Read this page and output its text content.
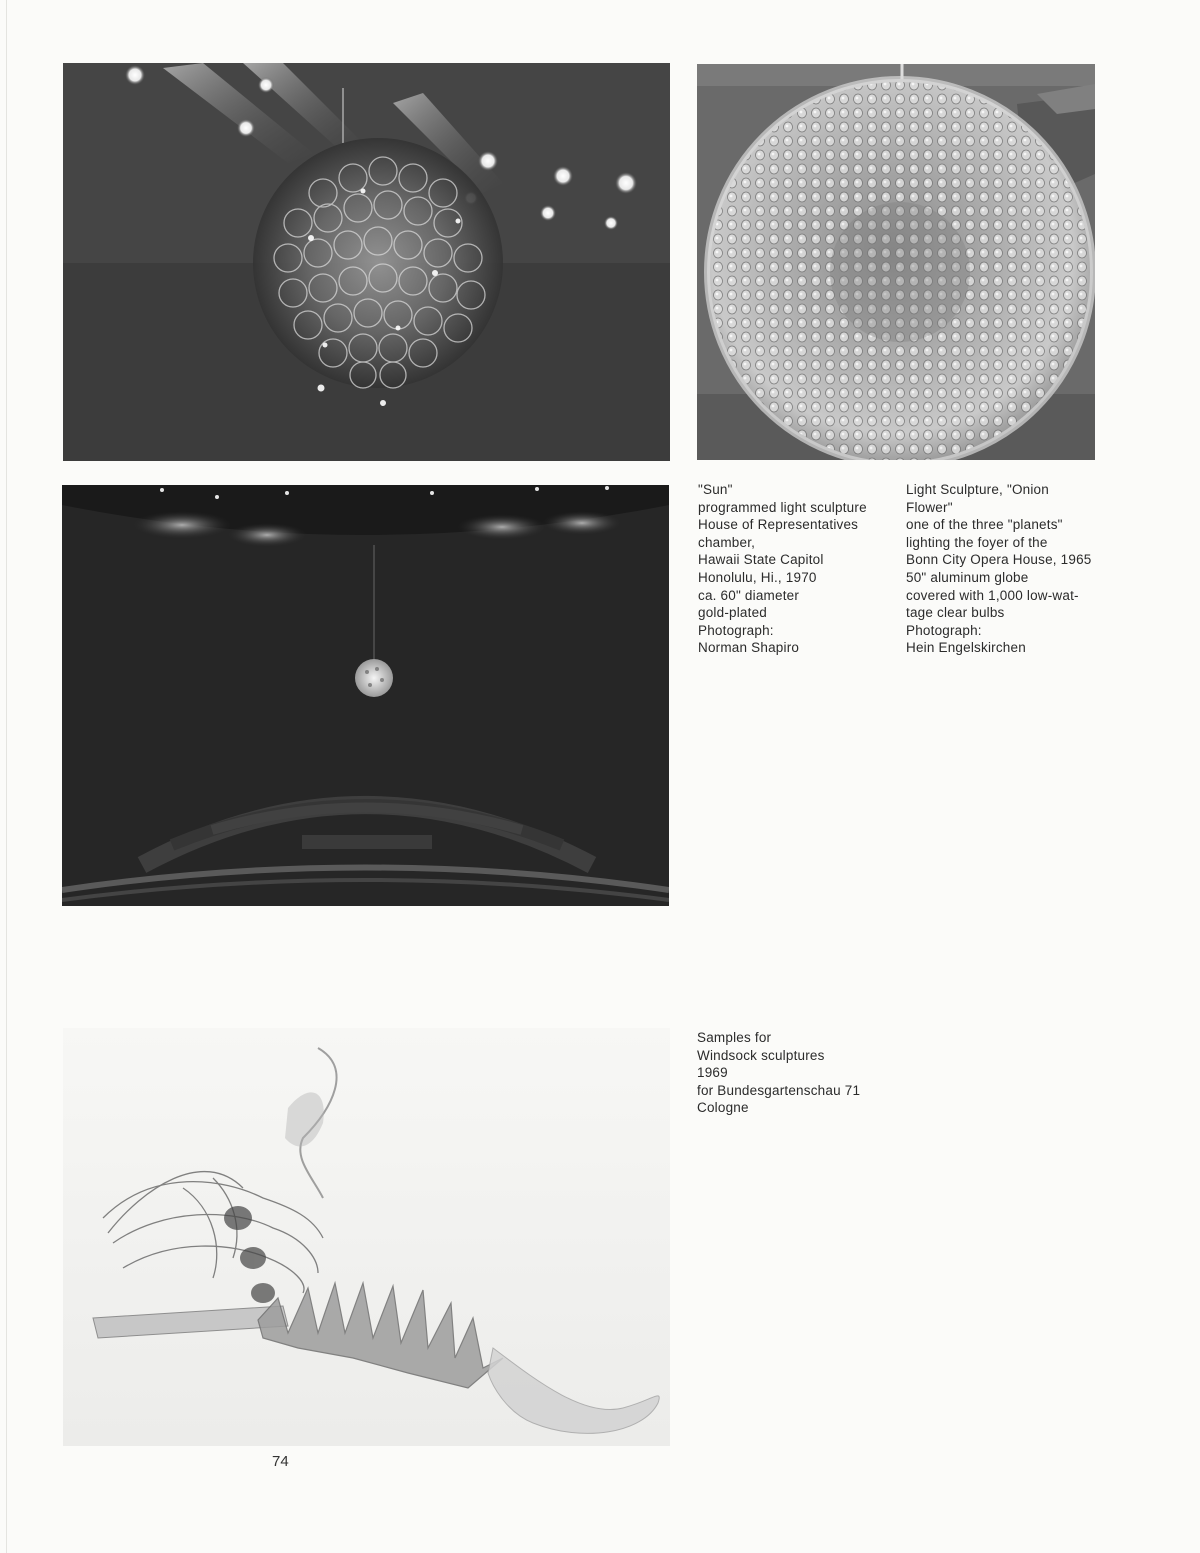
"Sun"
programmed light sculpture
House of Representatives
chamber,
Hawaii State Capitol
Honolulu, Hi., 1970
ca. 60" diameter
gold-plated
Photograph:
Norman Shapiro
Light Sculpture, "Onion
Flower"
one of the three "planets"
lighting the foyer of the
Bonn City Opera House, 1965
50" aluminum globe
covered with 1,000 low-wat-
tage clear bulbs
Photograph:
Hein Engelskirchen
Samples for
Windsock sculptures
1969
for Bundesgartenschau 71
Cologne
74
